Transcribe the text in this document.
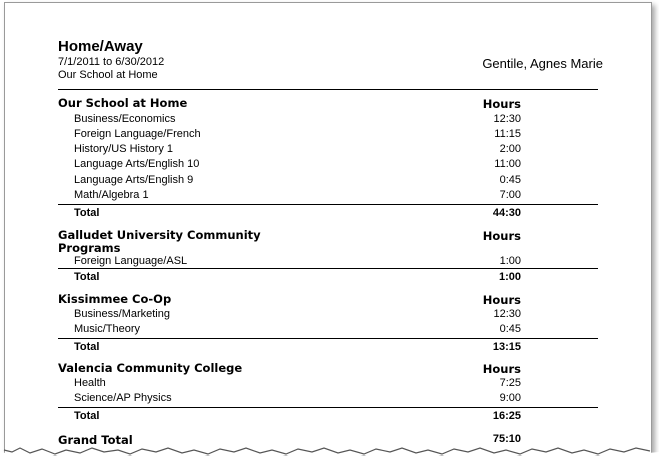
Home/Away
7/1/2011 to 6/30/2012
Our School at Home
Gentile, Agnes Marie
Our School at Home	Hours
Business/Economics	12:30
Foreign Language/French	11:15
History/US History 1	2:00
Language Arts/English 10	11:00
Language Arts/English 9	0:45
Math/Algebra 1	7:00
Total	44:30
Galludet University Community Programs
Hours
Foreign Language/ASL	1:00
Total	1:00
Kissimmee Co-Op	Hours
Business/Marketing	12:30
Music/Theory	0:45
Total	13:15
Valencia Community College	Hours
Health	7:25
Science/AP Physics	9:00
Total	16:25
Grand Total	75:10
